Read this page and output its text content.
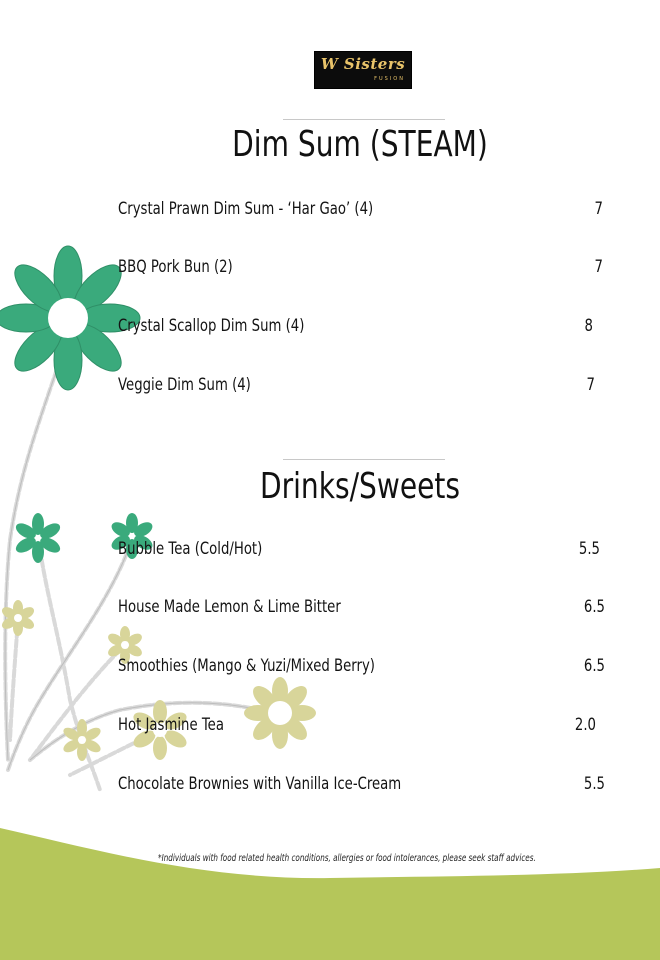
W Sisters
FUSION
Dim Sum (STEAM)
Crystal Prawn Dim Sum - ‘Har Gao’ (4)	7
BBQ Pork Bun (2)	7
Crystal Scallop Dim Sum (4)	8
Veggie Dim Sum (4)	7
Drinks/Sweets
Bubble Tea (Cold/Hot)	5.5
House Made Lemon & Lime Bitter	6.5
Smoothies (Mango & Yuzi/Mixed Berry)	6.5
Hot Jasmine Tea	2.0
Chocolate Brownies with Vanilla Ice-Cream	5.5
*Individuals with food related health conditions, allergies or food intolerances, please seek staff advices.
